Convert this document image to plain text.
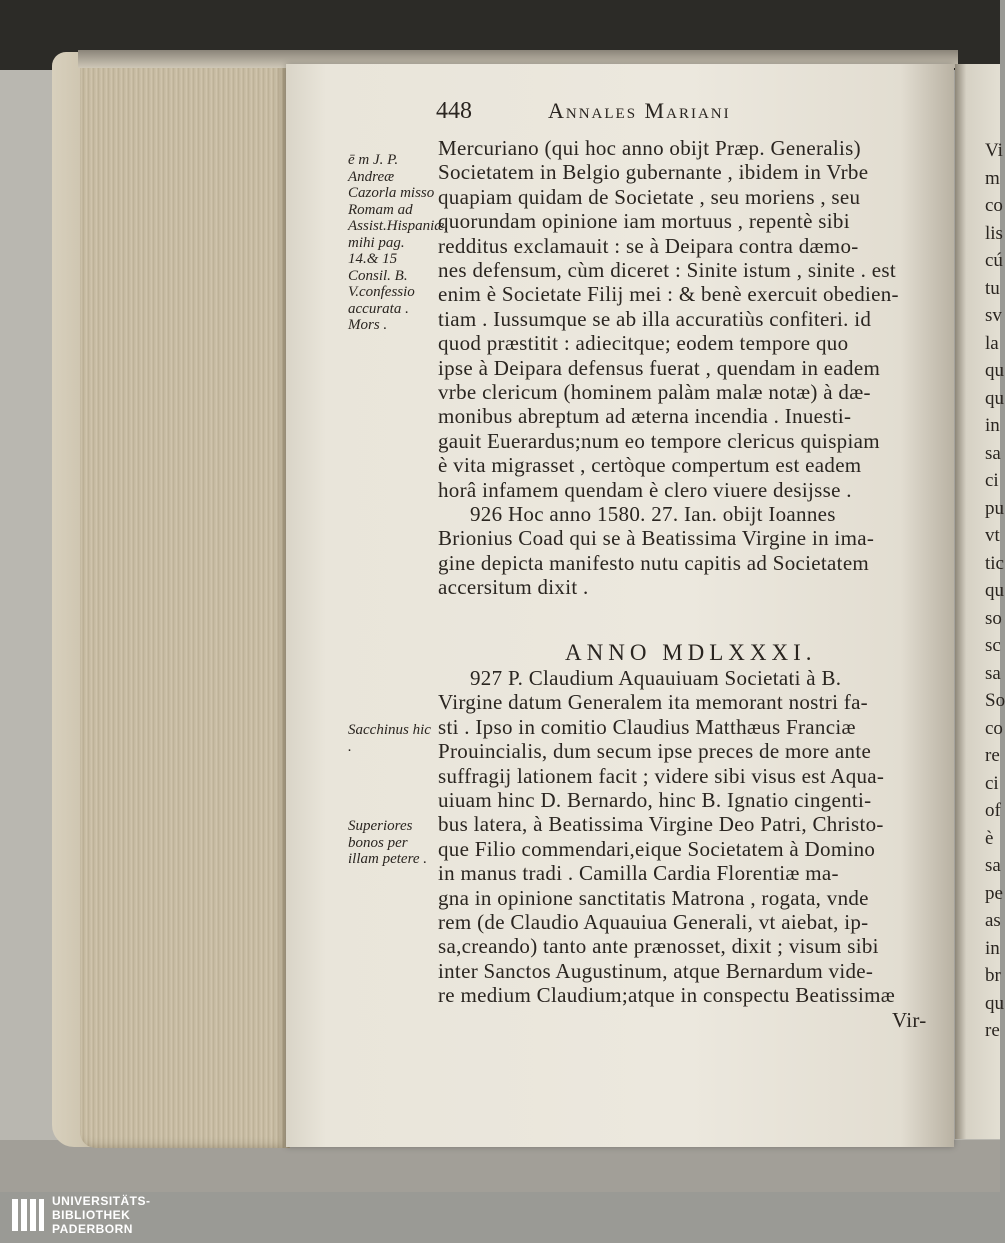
Vi
m
co
lis
cú
tu
sv
la
qu
qu
in
sa
ci
pu
vt
tic
qu
so
sc
sa
So
co
re
ci
of
è
sa
pe
as
in
br
qu
re
448	Annales Mariani
ē m J. P. Andreæ Cazorla misso Romam ad Assist.Hispaniæ. mihi pag. 14.& 15 Consil. B. V.confessio accurata . Mors .
Sacchinus hic .
Superiores bonos per illam petere .
Mercuriano (qui hoc anno obijt Præp. Generalis)
Societatem in Belgio gubernante , ibidem in Vrbe
quapiam quidam de Societate , seu moriens , seu
quorundam opinione iam mortuus , repentè sibi
redditus exclamauit : se à Deipara contra dæmo-
nes defensum, cùm diceret : Sinite istum , sinite . est
enim è Societate Filij mei : & benè exercuit obedien-
tiam . Iussumque se ab illa accuratiùs confiteri. id
quod præstitit : adiecitque; eodem tempore quo
ipse à Deipara defensus fuerat , quendam in eadem
vrbe clericum (hominem palàm malæ notæ) à dæ-
monibus abreptum ad æterna incendia . Inuesti-
gauit Euerardus;num eo tempore clericus quispiam
è vita migrasset , certòque compertum est eadem
horâ infamem quendam è clero viuere desijsse .
926 Hoc anno 1580. 27. Ian. obijt Ioannes
Brionius Coad qui se à Beatissima Virgine in ima-
gine depicta manifesto nutu capitis ad Societatem
accersitum dixit .
927 P. Claudium Aquauiuam Societati à B.
Virgine datum Generalem ita memorant nostri fa-
sti . Ipso in comitio Claudius Matthæus Franciæ
Prouincialis, dum secum ipse preces de more ante
suffragij lationem facit ; videre sibi visus est Aqua-
uiuam hinc D. Bernardo, hinc B. Ignatio cingenti-
bus latera, à Beatissima Virgine Deo Patri, Christo-
que Filio commendari,eique Societatem à Domino
in manus tradi . Camilla Cardia Florentiæ ma-
gna in opinione sanctitatis Matrona , rogata, vnde
rem (de Claudio Aquauiua Generali, vt aiebat, ip-
sa,creando) tanto ante prænosset, dixit ; visum sibi
inter Sanctos Augustinum, atque Bernardum vide-
re medium Claudium;atque in conspectu Beatissimæ
ANNO MDLXXXI.
Vir-
UNIVERSITÄTS-
BIBLIOTHEK
PADERBORN
